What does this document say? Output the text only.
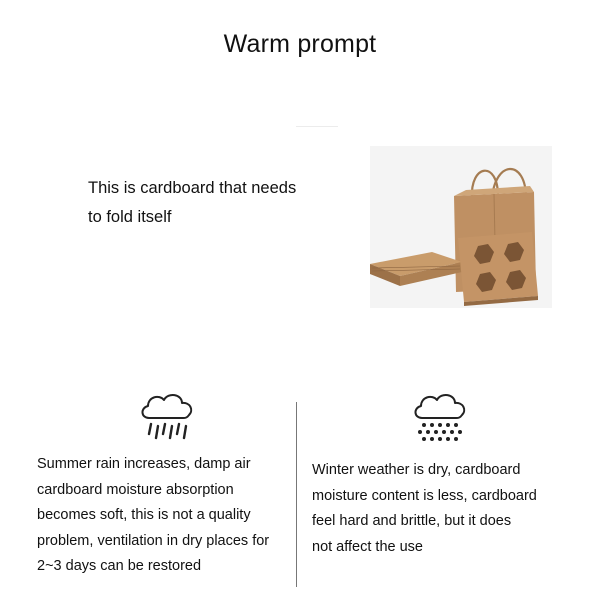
Warm prompt
This is cardboard that needs
to fold itself
Summer rain increases, damp air
cardboard moisture absorption
becomes soft, this is not a quality
problem, ventilation in dry places for
2~3 days can be restored
Winter weather is dry, cardboard
moisture content is less, cardboard
feel hard and brittle, but it does
not affect the use
